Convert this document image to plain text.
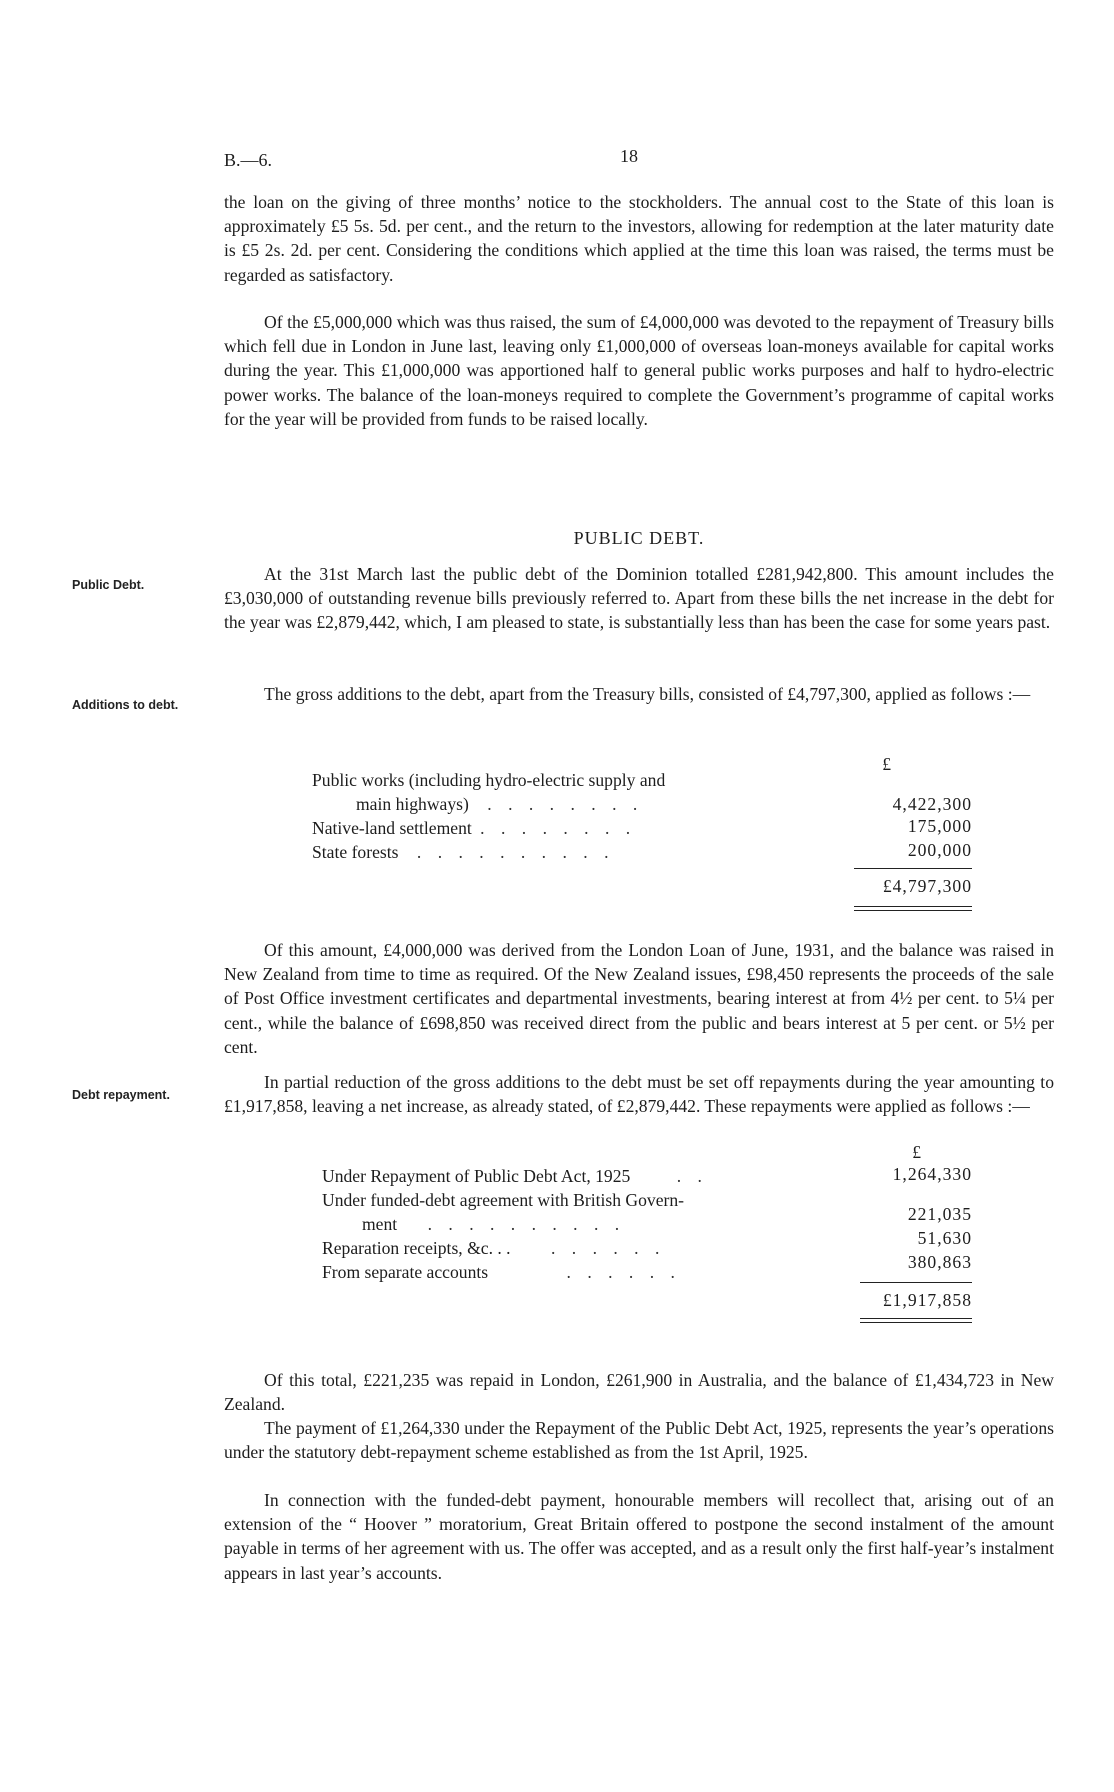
B.—6.	18

the loan on the giving of three months’ notice to the stockholders. The annual cost to the State of this loan is approximately £5 5s. 5d. per cent., and the return to the investors, allowing for redemption at the later maturity date is £5 2s. 2d. per cent. Considering the conditions which applied at the time this loan was raised, the terms must be regarded as satisfactory.

Of the £5,000,000 which was thus raised, the sum of £4,000,000 was devoted to the repayment of Treasury bills which fell due in London in June last, leaving only £1,000,000 of overseas loan-moneys available for capital works during the year. This £1,000,000 was apportioned half to general public works purposes and half to hydro-electric power works. The balance of the loan-moneys required to complete the Government’s programme of capital works for the year will be provided from funds to be raised locally.

PUBLIC DEBT.
Public Debt.
Additions to debt.
Debt repayment.

At the 31st March last the public debt of the Dominion totalled £281,942,800. This amount includes the £3,030,000 of outstanding revenue bills previously referred to. Apart from these bills the net increase in the debt for the year was £2,879,442, which, I am pleased to state, is substantially less than has been the case for some years past.

The gross additions to the debt, apart from the Treasury bills, consisted of £4,797,300, applied as follows :—

£
Public works (including hydro-electric supply and
main highways) . . . . . . . .	4,422,300
Native-land settlement . . . . . . . .	175,000
State forests . . . . . . . . . .	200,000
£4,797,300

Of this amount, £4,000,000 was derived from the London Loan of June, 1931, and the balance was raised in New Zealand from time to time as required. Of the New Zealand issues, £98,450 represents the proceeds of the sale of Post Office investment certificates and departmental investments, bearing interest at from 4½ per cent. to 5¼ per cent., while the balance of £698,850 was received direct from the public and bears interest at 5 per cent. or 5½ per cent.

In partial reduction of the gross additions to the debt must be set off repayments during the year amounting to £1,917,858, leaving a net increase, as already stated, of £2,879,442. These repayments were applied as follows :—

£
Under Repayment of Public Debt Act, 1925	. .	1,264,330
Under funded-debt agreement with British Govern-
ment . . . . . . . . . .	221,035
Reparation receipts, &c. . . . . . . . .	51,630
From separate accounts	. . . . . .	380,863
£1,917,858

Of this total, £221,235 was repaid in London, £261,900 in Australia, and the balance of £1,434,723 in New Zealand.

The payment of £1,264,330 under the Repayment of the Public Debt Act, 1925, represents the year’s operations under the statutory debt-repayment scheme established as from the 1st April, 1925.

In connection with the funded-debt payment, honourable members will recollect that, arising out of an extension of the “ Hoover ” moratorium, Great Britain offered to postpone the second instalment of the amount payable in terms of her agreement with us. The offer was accepted, and as a result only the first half-year’s instalment appears in last year’s accounts.
